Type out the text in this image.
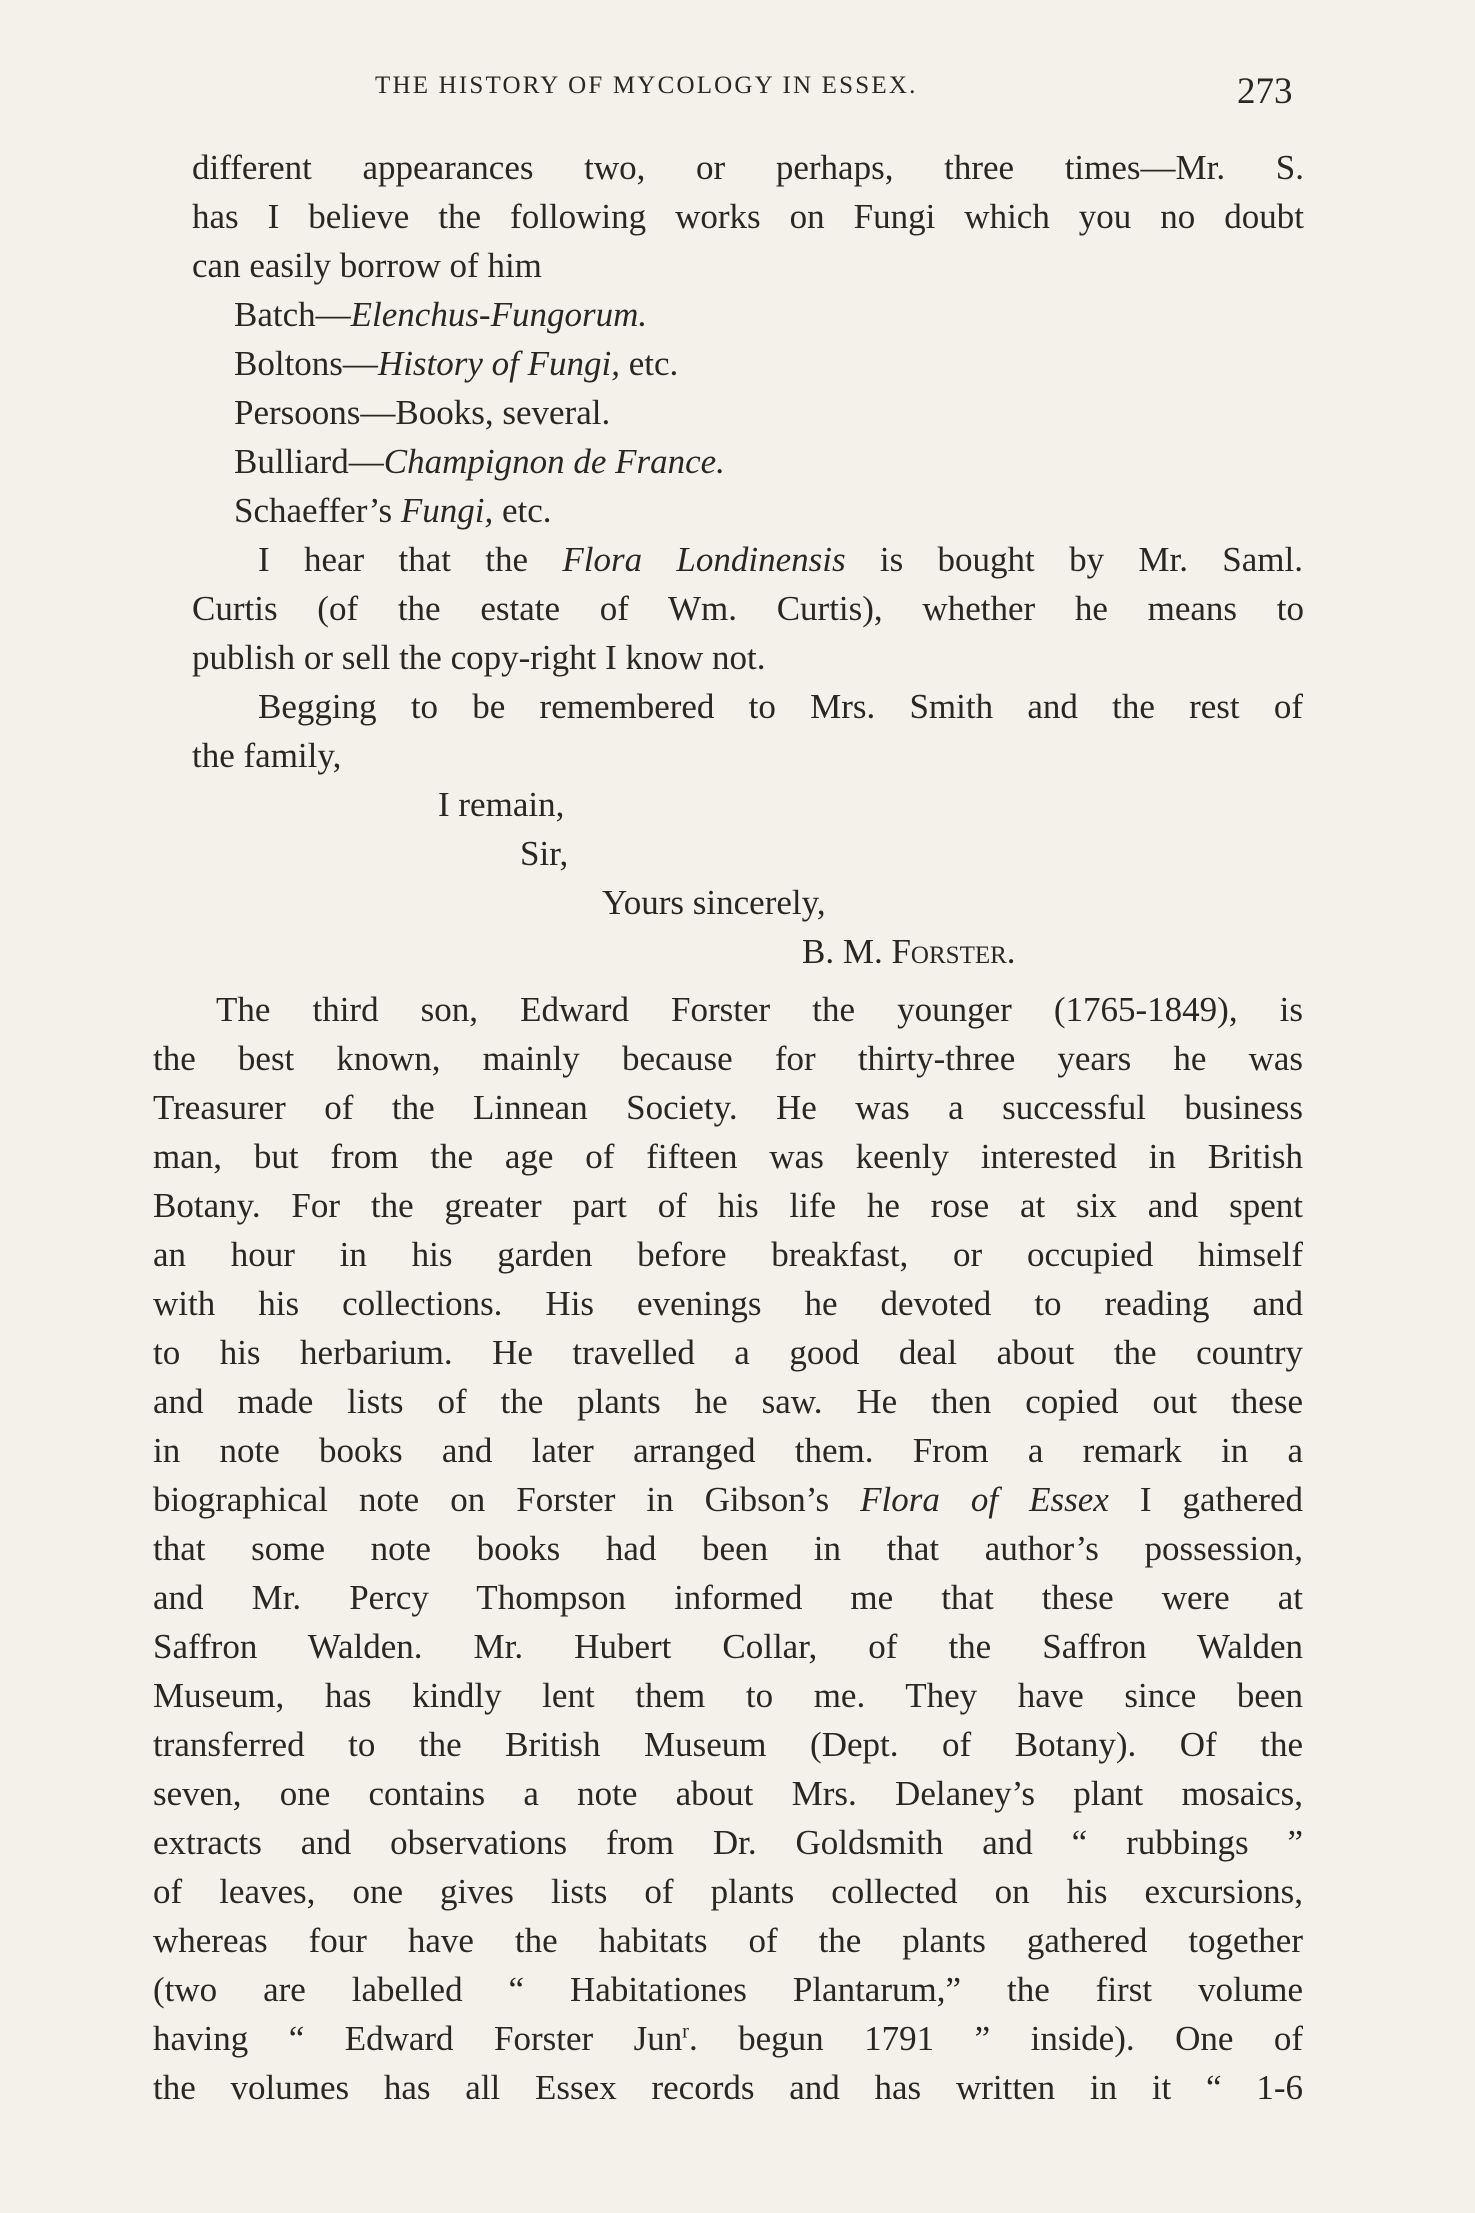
THE HISTORY OF MYCOLOGY IN ESSEX.	273
different appearances two, or perhaps, three times—Mr. S.
has I believe the following works on Fungi which you no doubt
can easily borrow of him
Batch—Elenchus-Fungorum.
Boltons—History of Fungi, etc.
Persoons—Books, several.
Bulliard—Champignon de France.
Schaeffer’s Fungi, etc.
I hear that the Flora Londinensis is bought by Mr. Saml.
Curtis (of the estate of Wm. Curtis), whether he means to
publish or sell the copy-right I know not.
Begging to be remembered to Mrs. Smith and the rest of
the family,
I remain,
Sir,
Yours sincerely,
B. M. Forster.
The third son, Edward Forster the younger (1765-1849), is
the best known, mainly because for thirty-three years he was
Treasurer of the Linnean Society. He was a successful business
man, but from the age of fifteen was keenly interested in British
Botany. For the greater part of his life he rose at six and spent
an hour in his garden before breakfast, or occupied himself
with his collections. His evenings he devoted to reading and
to his herbarium. He travelled a good deal about the country
and made lists of the plants he saw. He then copied out these
in note books and later arranged them. From a remark in a
biographical note on Forster in Gibson’s Flora of Essex I gathered
that some note books had been in that author’s possession,
and Mr. Percy Thompson informed me that these were at
Saffron Walden. Mr. Hubert Collar, of the Saffron Walden
Museum, has kindly lent them to me. They have since been
transferred to the British Museum (Dept. of Botany). Of the
seven, one contains a note about Mrs. Delaney’s plant mosaics,
extracts and observations from Dr. Goldsmith and “ rubbings ”
of leaves, one gives lists of plants collected on his excursions,
whereas four have the habitats of the plants gathered together
(two are labelled “ Habitationes Plantarum,” the first volume
having “ Edward Forster Jun$^r$. begun 1791 ” inside). One of
the volumes has all Essex records and has written in it “ 1-6
